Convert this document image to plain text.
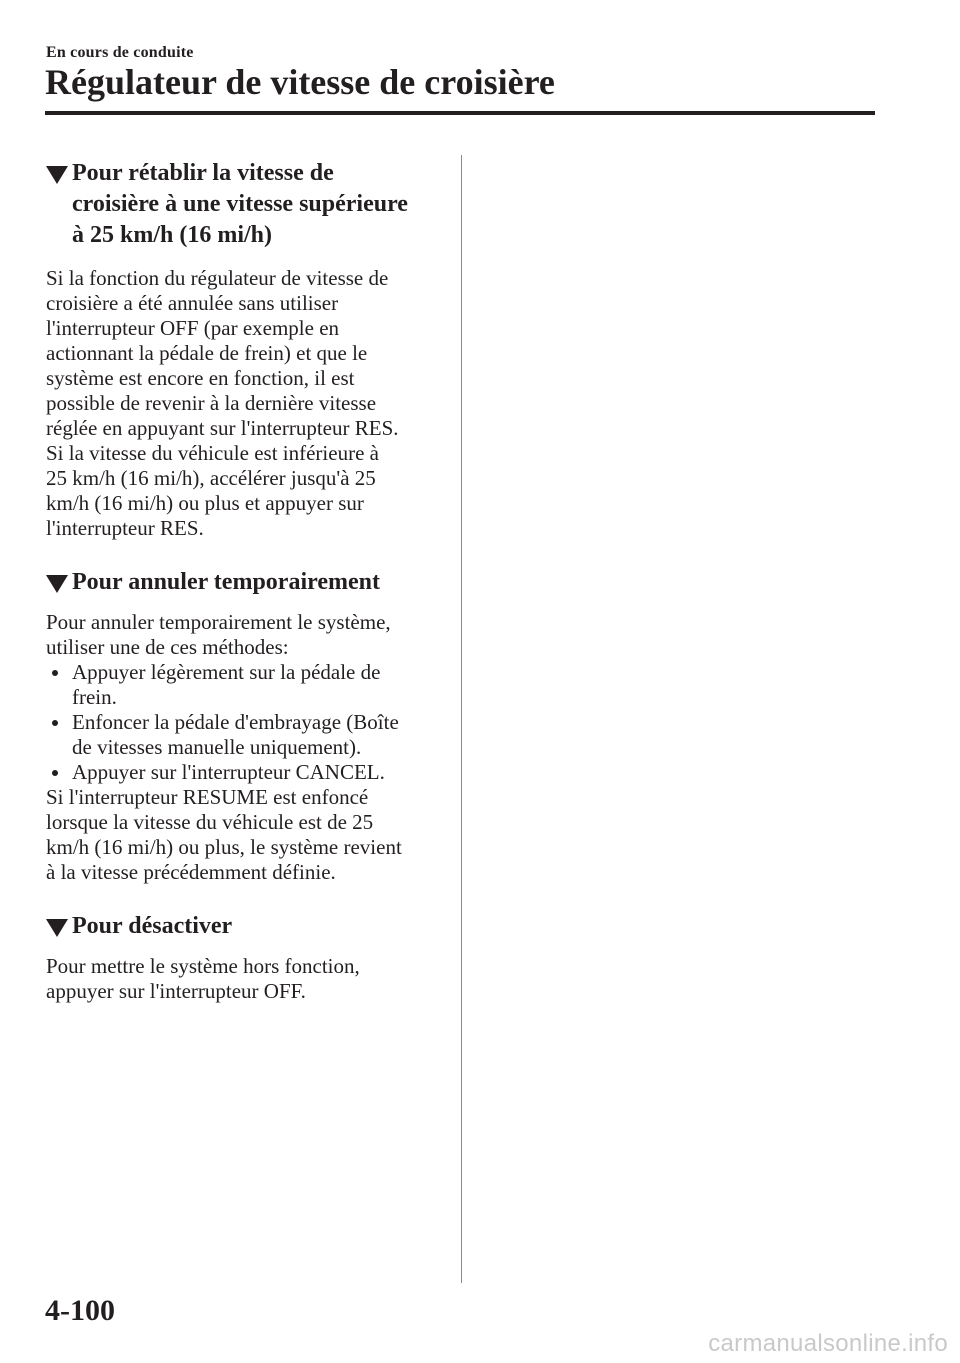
En cours de conduite
Régulateur de vitesse de croisière
Pour rétablir la vitesse de
croisière à une vitesse supérieure
à 25 km/h (16 mi/h)

Si la fonction du régulateur de vitesse de
croisière a été annulée sans utiliser
l'interrupteur OFF (par exemple en
actionnant la pédale de frein) et que le
système est encore en fonction, il est
possible de revenir à la dernière vitesse
réglée en appuyant sur l'interrupteur RES.
Si la vitesse du véhicule est inférieure à
25 km/h (16 mi/h), accélérer jusqu'à 25
km/h (16 mi/h) ou plus et appuyer sur
l'interrupteur RES.

Pour annuler temporairement

Pour annuler temporairement le système,
utiliser une de ces méthodes:

Appuyer légèrement sur la pédale de
frein.
Enfoncer la pédale d'embrayage (Boîte
de vitesses manuelle uniquement).
Appuyer sur l'interrupteur CANCEL.

Si l'interrupteur RESUME est enfoncé
lorsque la vitesse du véhicule est de 25
km/h (16 mi/h) ou plus, le système revient
à la vitesse précédemment définie.

Pour désactiver

Pour mettre le système hors fonction,
appuyer sur l'interrupteur OFF.

4-100
carmanualsonline.info
